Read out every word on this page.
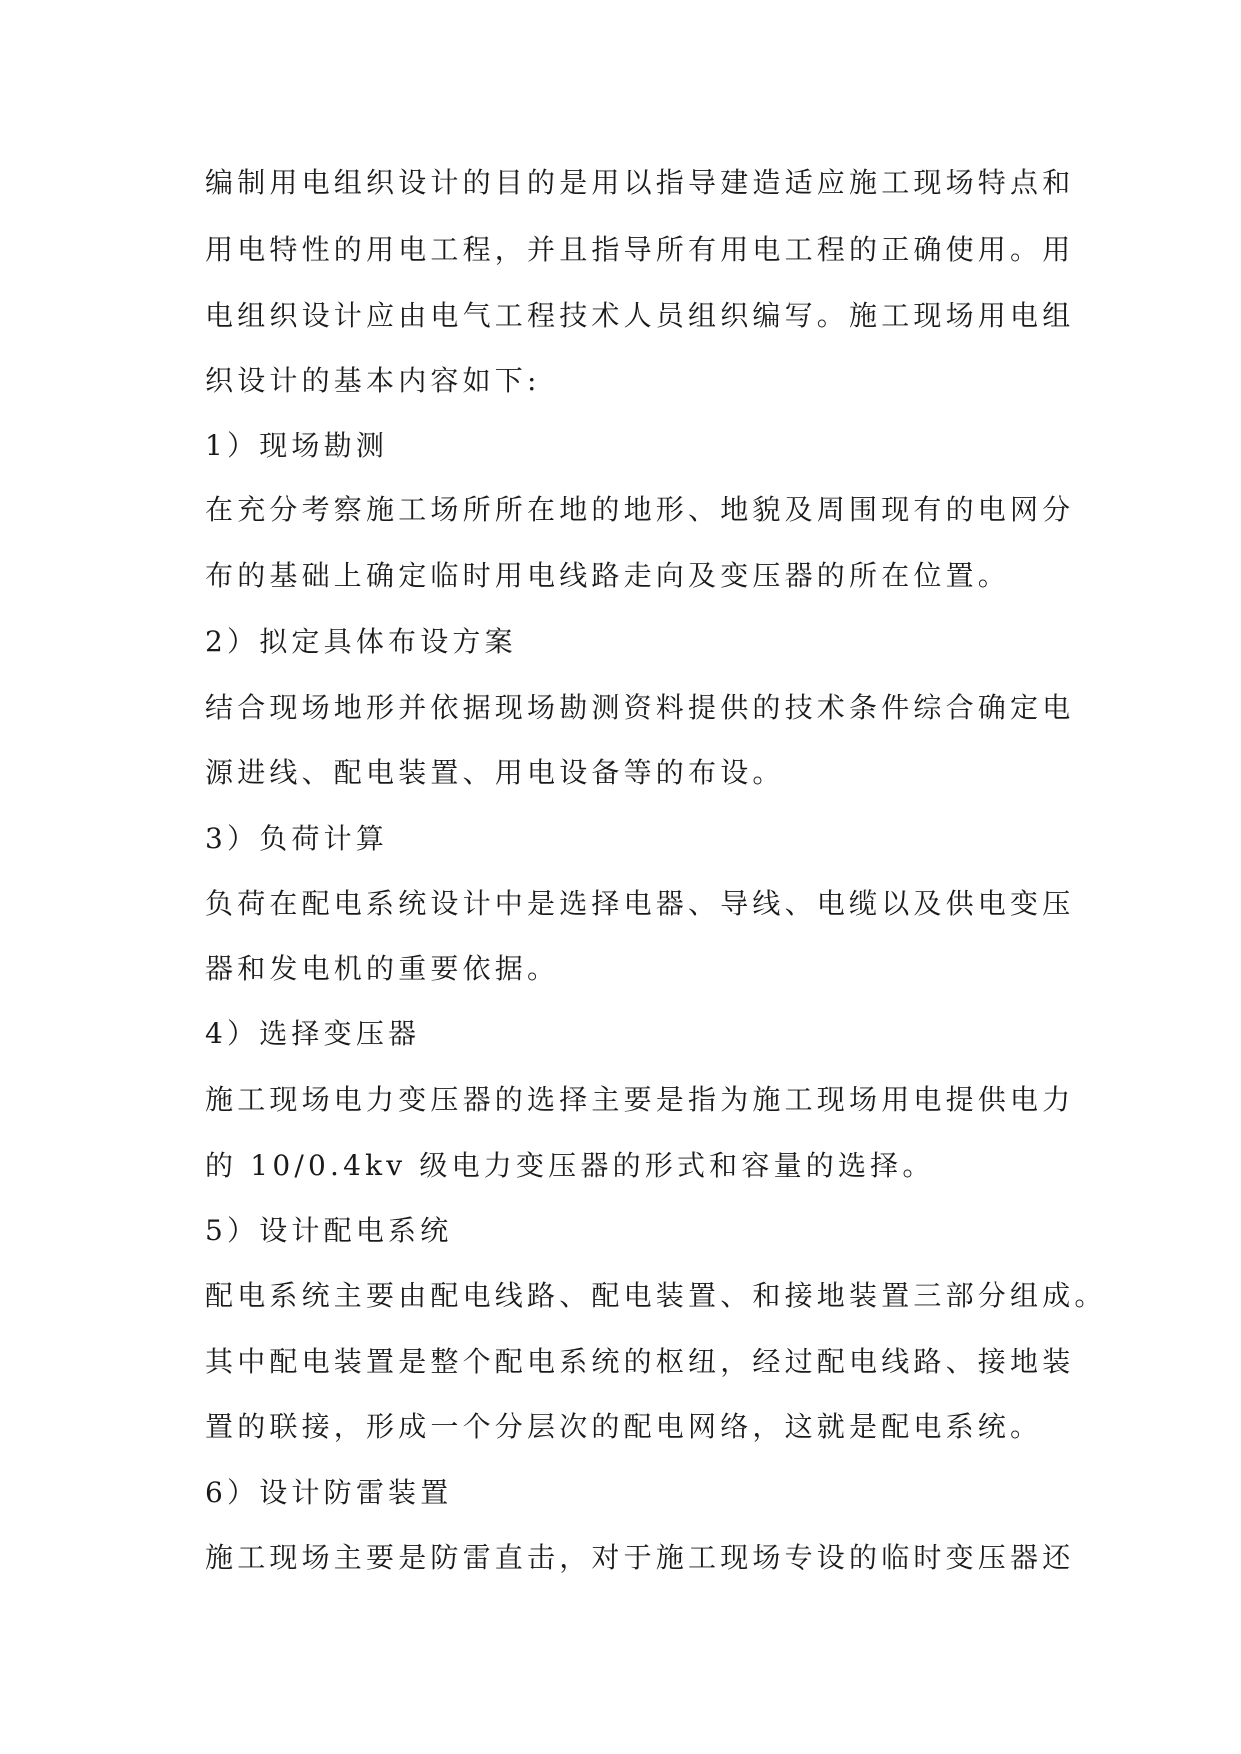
编制用电组织设计的目的是用以指导建造适应施工现场特点和
用电特性的用电工程，并且指导所有用电工程的正确使用。用
电组织设计应由电气工程技术人员组织编写。施工现场用电组
织设计的基本内容如下:
1）现场勘测
在充分考察施工场所所在地的地形、地貌及周围现有的电网分
布的基础上确定临时用电线路走向及变压器的所在位置。
2）拟定具体布设方案
结合现场地形并依据现场勘测资料提供的技术条件综合确定电
源进线、配电装置、用电设备等的布设。
3）负荷计算
负荷在配电系统设计中是选择电器、导线、电缆以及供电变压
器和发电机的重要依据。
4）选择变压器
施工现场电力变压器的选择主要是指为施工现场用电提供电力
的 10/0.4kv 级电力变压器的形式和容量的选择。
5）设计配电系统
配电系统主要由配电线路、配电装置、和接地装置三部分组成。
其中配电装置是整个配电系统的枢纽，经过配电线路、接地装
置的联接，形成一个分层次的配电网络，这就是配电系统。
6）设计防雷装置
施工现场主要是防雷直击，对于施工现场专设的临时变压器还
